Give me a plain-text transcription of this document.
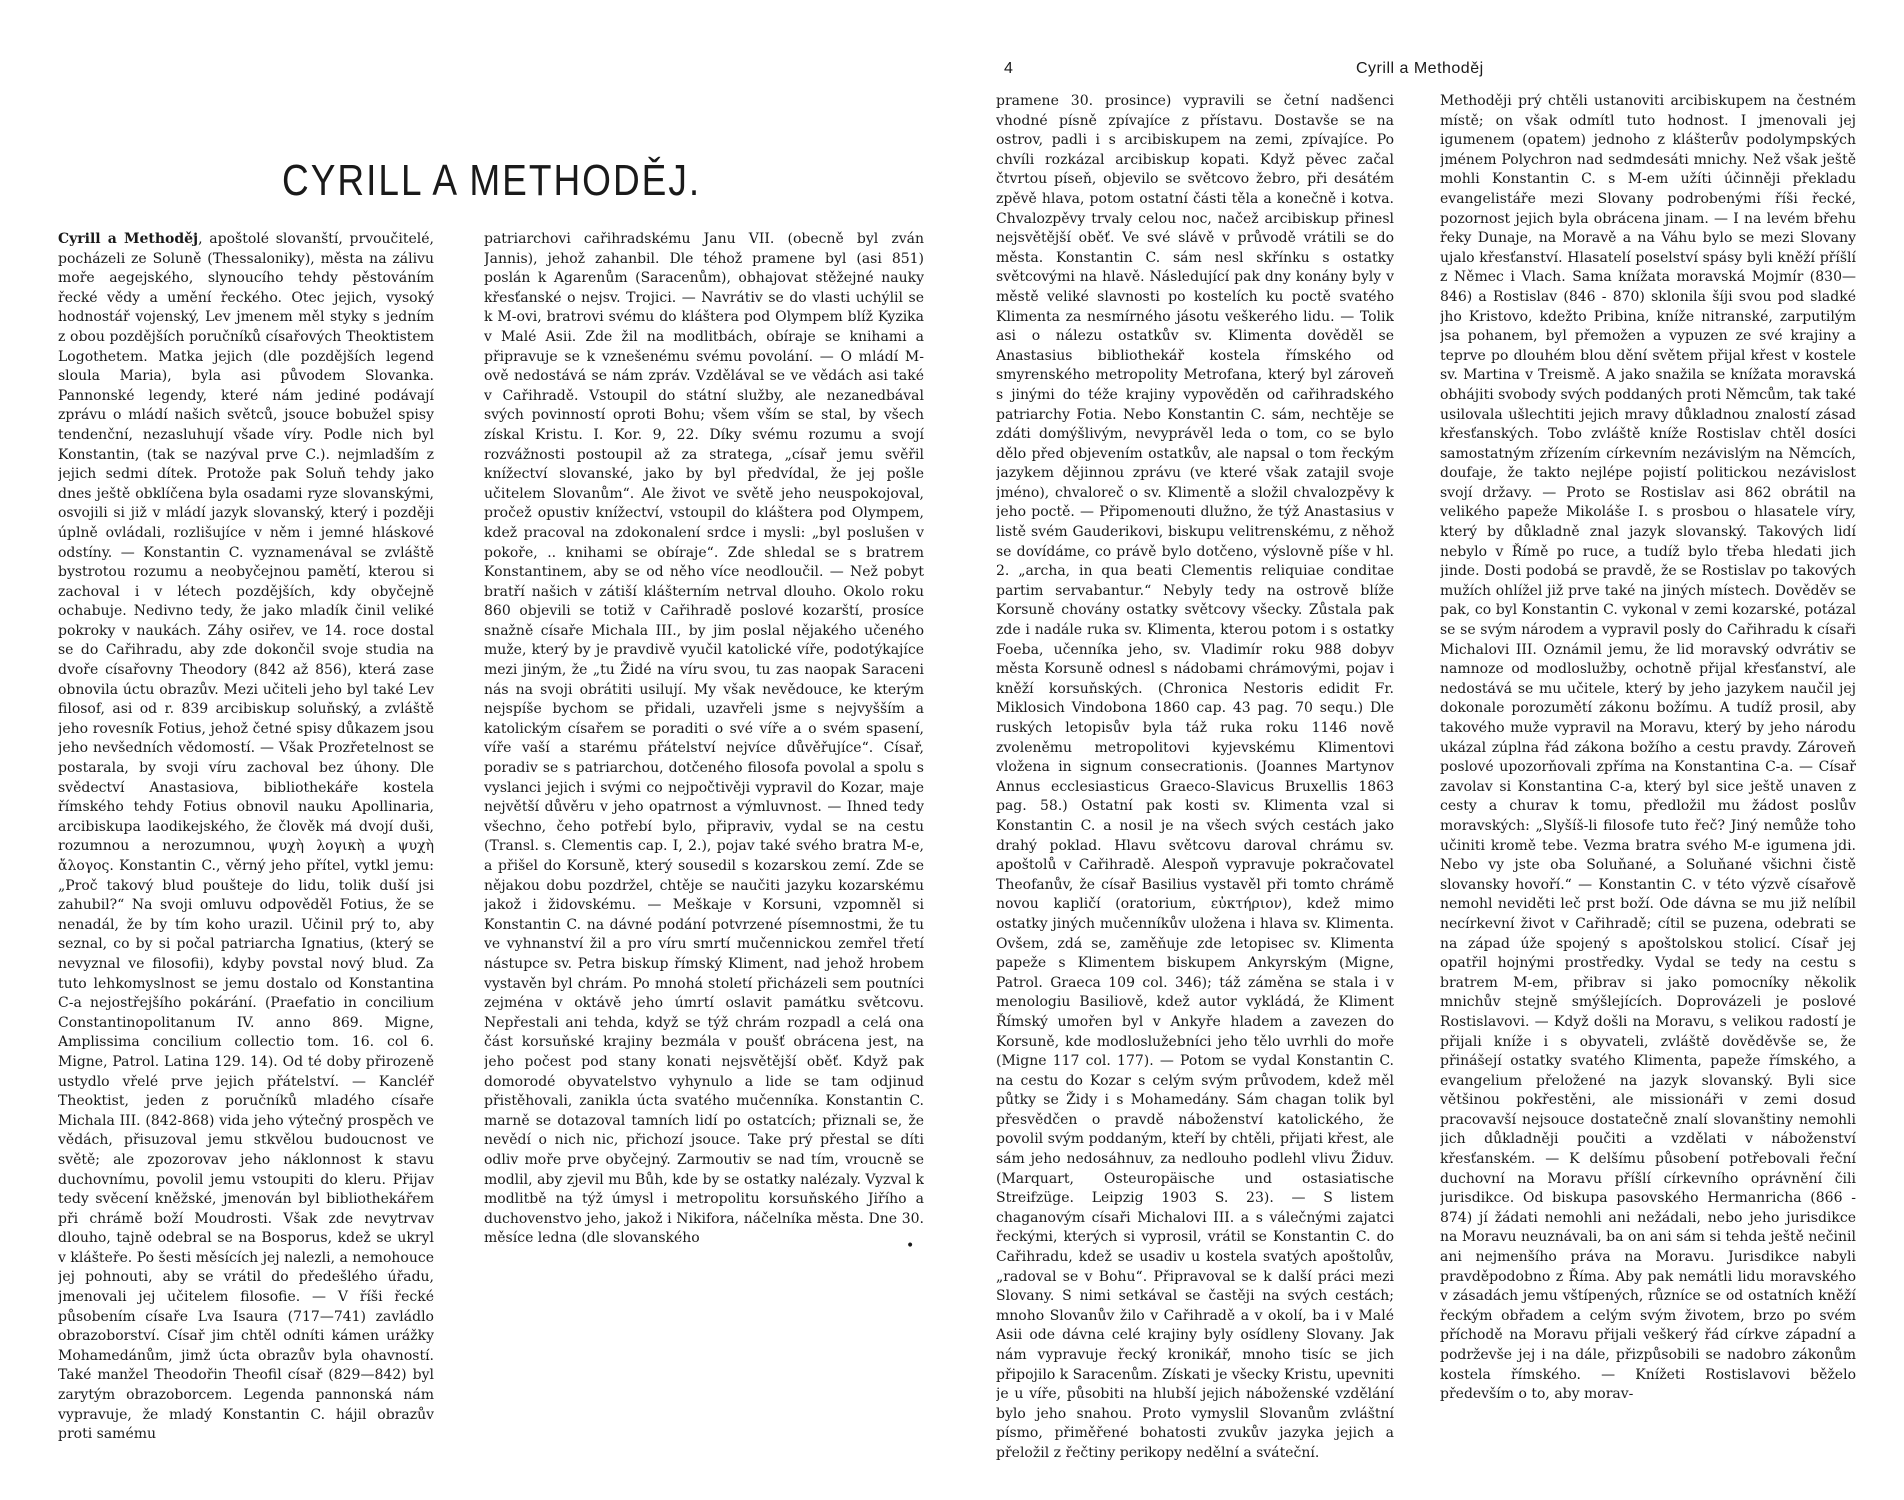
CYRILL A METHODĚJ.

Cyrill a Methoděj, apoštolé slovanští, prvoučitelé, pocházeli ze Soluně (Thessaloniky), města na zálivu moře aegejského, slynoucího tehdy pěstováním řecké vědy a umění řeckého. Otec jejich, vysoký hodnostář vojenský, Lev jmenem měl styky s jedním z obou pozdějších poručníků císařových Theoktistem Logothetem. Matka jejich (dle pozdějších legend sloula Maria), byla asi původem Slovanka. Pannonské legendy, které nám jediné podávají zprávu o mládí našich světců, jsouce bobužel spisy tendenční, nezasluhují všade víry. Podle nich byl Konstantin, (tak se nazýval prve C.). nejmladším z jejich sedmi dítek. Protože pak Soluň tehdy jako dnes ještě obklíčena byla osadami ryze slovanskými, osvojili si již v mládí jazyk slovanský, který i později úplně ovládali, rozlišujíce v něm i jemné hláskové odstíny. — Konstantin C. vyznamenával se zvláště bystrotou rozumu a neobyčejnou pamětí, kterou si zachoval i v létech pozdějších, kdy obyčejně ochabuje. Nedivno tedy, že jako mladík činil veliké pokroky v naukách. Záhy osiřev, ve 14. roce dostal se do Cařihradu, aby zde dokončil svoje studia na dvoře císařovny Theodory (842 až 856), která zase obnovila úctu obrazův. Mezi učiteli jeho byl také Lev filosof, asi od r. 839 arcibiskup soluňský, a zvláště jeho rovesník Fotius, jehož četné spisy důkazem jsou jeho nevšedních vědomostí. — Však Prozřetelnost se postarala, by svoji víru zachoval bez úhony. Dle svědectví Anastasiova, bibliothekáře kostela římského tehdy Fotius obnovil nauku Apollinaria, arcibiskupa laodikejského, že člověk má dvojí duši, rozumnou a nerozumnou, ψυχὴ λογικὴ a ψυχὴ ἄλογος. Konstantin C., věrný jeho přítel, vytkl jemu: „Proč takový blud poušteje do lidu, tolik duší jsi zahubil?“ Na svoji omluvu odpověděl Fotius, že se nenadál, že by tím koho urazil. Učinil prý to, aby seznal, co by si počal patriarcha Ignatius, (který se nevyznal ve filosofii), kdyby povstal nový blud. Za tuto lehkomyslnost se jemu dostalo od Konstantina C-a nejostřejšího pokárání. (Praefatio in concilium Constantinopolitanum IV. anno 869. Migne, Amplissima concilium collectio tom. 16. col 6. Migne, Patrol. Latina 129. 14). Od té doby přirozeně ustydlo vřelé prve jejich přátelství. — Kancléř Theoktist, jeden z poručníků mladého císaře Michala III. (842-868) vida jeho výtečný prospěch ve vědách, přisuzoval jemu stkvělou budoucnost ve světě; ale zpozorovav jeho náklonnost k stavu duchovnímu, povolil jemu vstoupiti do kleru. Přijav tedy svěcení kněžské, jmenován byl bibliothekářem při chrámě boží Moudrosti. Však zde nevytrvav dlouho, tajně odebral se na Bosporus, kdež se ukryl v klášteře. Po šesti měsících jej nalezli, a nemohouce jej pohnouti, aby se vrátil do předešlého úřadu, jmenovali jej učitelem filosofie. — V říši řecké působením císaře Lva Isaura (717—741) zavládlo obrazoborství. Císař jim chtěl odníti kámen urážky Mohamedánům, jimž úcta obrazův byla ohavností. Také manžel Theodořin Theofil císař (829—842) byl zarytým obrazoborcem. Legenda pannonská nám vypravuje, že mladý Konstantin C. hájil obrazův proti samému

patriarchovi cařihradskému Janu VII. (obecně byl zván Jannis), jehož zahanbil. Dle téhož pramene byl (asi 851) poslán k Agarenům (Saracenům), obhajovat stěžejné nauky křesťanské o nejsv. Trojici. — Navrátiv se do vlasti uchýlil se k M-ovi, bratrovi svému do kláštera pod Olympem blíž Kyzika v Malé Asii. Zde žil na modlitbách, obíraje se knihami a připravuje se k vznešenému svému povolání. — O mládí M-ově nedostává se nám zpráv. Vzdělával se ve vědách asi také v Cařihradě. Vstoupil do státní služby, ale nezanedbával svých povinností oproti Bohu; všem vším se stal, by všech získal Kristu. I. Kor. 9, 22. Díky svému rozumu a svojí rozvážnosti postoupil až za stratega, „císař jemu svěřil knížectví slovanské, jako by byl předvídal, že jej pošle učitelem Slovanům“. Ale život ve světě jeho neuspokojoval, pročež opustiv knížectví, vstoupil do kláštera pod Olympem, kdež pracoval na zdokonalení srdce i mysli: „byl poslušen v pokoře, .. knihami se obíraje“. Zde shledal se s bratrem Konstantinem, aby se od něho více neodloučil. — Než pobyt bratří našich v zátiší klášterním netrval dlouho. Okolo roku 860 objevili se totiž v Cařihradě poslové kozarští, prosíce snažně císaře Michala III., by jim poslal nějakého učeného muže, který by je pravdivě vyučil katolické víře, podotýkajíce mezi jiným, že „tu Židé na víru svou, tu zas naopak Saraceni nás na svoji obrátiti usilují. My však nevědouce, ke kterým nejspíše bychom se přidali, uzavřeli jsme s nejvyšším a katolickým císařem se poraditi o své víře a o svém spasení, víře vaší a starému přátelství nejvíce důvěřujíce“. Císař, poradiv se s patriarchou, dotčeného filosofa povolal a spolu s vyslanci jejich i svými co nejpočtivěji vypravil do Kozar, maje největší důvěru v jeho opatrnost a výmluvnost. — Ihned tedy všechno, čeho potřebí bylo, připraviv, vydal se na cestu (Transl. s. Clementis cap. I, 2.), pojav také svého bratra M-e, a přišel do Korsuně, který sousedil s kozarskou zemí. Zde se nějakou dobu pozdržel, chtěje se naučiti jazyku kozarskému jakož i židovskému. — Meškaje v Korsuni, vzpomněl si Konstantin C. na dávné podání potvrzené písemnostmi, že tu ve vyhnanství žil a pro víru smrtí mučennickou zemřel třetí nástupce sv. Petra biskup římský Kliment, nad jehož hrobem vystavěn byl chrám. Po mnohá století přicházeli sem poutníci zejména v oktávě jeho úmrtí oslavit památku světcovu. Nepřestali ani tehda, když se týž chrám rozpadl a celá ona část korsuňské krajiny bezmála v poušť obrácena jest, na jeho počest pod stany konati nejsvětější oběť. Když pak domorodé obyvatelstvo vyhynulo a lide se tam odjinud přistěhovali, zanikla úcta svatého mučenníka. Konstantin C. marně se dotazoval tamních lidí po ostatcích; přiznali se, že nevědí o nich nic, přichozí jsouce. Take prý přestal se díti odliv moře prve obyčejný. Zarmoutiv se nad tím, vroucně se modlil, aby zjevil mu Bůh, kde by se ostatky nalézaly. Vyzval k modlitbě na týž úmysl i metropolitu korsuňského Jiřího a duchovenstvo jeho, jakož i Nikifora, náčelníka města. Dne 30. měsíce ledna (dle slovanského	•
4	Cyrill a Methoděj

pramene 30. prosince) vypravili se četní nadšenci vhodné písně zpívajíce z přístavu. Dostavše se na ostrov, padli i s arcibiskupem na zemi, zpívajíce. Po chvíli rozkázal arcibiskup kopati. Když pěvec začal čtvrtou píseň, objevilo se světcovo žebro, při desátém zpěvě hlava, potom ostatní části těla a konečně i kotva. Chvalozpěvy trvaly celou noc, načež arcibiskup přinesl nejsvětější oběť. Ve své slávě v průvodě vrátili se do města. Konstantin C. sám nesl skřínku s ostatky světcovými na hlavě. Následující pak dny konány byly v městě veliké slavnosti po kostelích ku poctě svatého Klimenta za nesmírného jásotu veškerého lidu. — Tolik asi o nálezu ostatkův sv. Klimenta dověděl se Anastasius bibliothekář kostela římského od smyrenského metropolity Metrofana, který byl zároveň s jinými do téže krajiny vypověděn od cařihradského patriarchy Fotia. Nebo Konstantin C. sám, nechtěje se zdáti domýšlivým, nevyprávěl leda o tom, co se bylo dělo před objevením ostatkův, ale napsal o tom řeckým jazykem dějinnou zprávu (ve které však zatajil svoje jméno), chvaloreč o sv. Klimentě a složil chvalozpěvy k jeho poctě. — Připomenouti dlužno, že týž Anastasius v listě svém Gauderikovi, biskupu velitrenskému, z něhož se dovídáme, co právě bylo dotčeno, výslovně píše v hl. 2. „archa, in qua beati Clementis reliquiae conditae partim servabantur.“ Nebyly tedy na ostrově blíže Korsuně chovány ostatky světcovy všecky. Zůstala pak zde i nadále ruka sv. Klimenta, kterou potom i s ostatky Foeba, učenníka jeho, sv. Vladimír roku 988 dobyv města Korsuně odnesl s nádobami chrámovými, pojav i kněží korsuňských. (Chronica Nestoris edidit Fr. Miklosich Vindobona 1860 cap. 43 pag. 70 sequ.) Dle ruských letopisův byla táž ruka roku 1146 nově zvoleněmu metropolitovi kyjevskému Klimentovi vložena in signum consecrationis. (Joannes Martynov Annus ecclesiasticus Graeco-Slavicus Bruxellis 1863 pag. 58.) Ostatní pak kosti sv. Klimenta vzal si Konstantin C. a nosil je na všech svých cestách jako drahý poklad. Hlavu světcovu daroval chrámu sv. apoštolů v Cařihradě. Alespoň vypravuje pokračovatel Theofanův, že císař Basilius vystavěl při tomto chrámě novou kapličí (oratorium, εὐκτήριον), kdež mimo ostatky jiných mučenníkův uložena i hlava sv. Klimenta. Ovšem, zdá se, zaměňuje zde letopisec sv. Klimenta papeže s Klimentem biskupem Ankyrským (Migne, Patrol. Graeca 109 col. 346); táž záměna se stala i v menologiu Basiliově, kdež autor vykládá, že Kliment Římský umořen byl v Ankyře hladem a zavezen do Korsuně, kde modloslužebníci jeho tělo uvrhli do moře (Migne 117 col. 177). — Potom se vydal Konstantin C. na cestu do Kozar s celým svým průvodem, kdež měl půtky se Židy i s Mohamedány. Sám chagan tolik byl přesvědčen o pravdě náboženství katolického, že povolil svým poddaným, kteří by chtěli, přijati křest, ale sám jeho nedosáhnuv, za nedlouho podlehl vlivu Židuv. (Marquart, Osteuropäische und ostasiatische Streifzüge. Leipzig 1903 S. 23). — S listem chaganovým císaři Michalovi III. a s válečnými zajatci řeckými, kterých si vyprosil, vrátil se Konstantin C. do Cařihradu, kdež se usadiv u kostela svatých apoštolův, „radoval se v Bohu“. Připravoval se k další práci mezi Slovany. S nimi setkával se častěji na svých cestách; mnoho Slovanův žilo v Cařihradě a v okolí, ba i v Malé Asii ode dávna celé krajiny byly osídleny Slovany. Jak nám vypravuje řecký kronikář, mnoho tisíc se jich připojilo k Saracenům. Získati je všecky Kristu, upevniti je u víře, působiti na hlubší jejich náboženské vzdělání bylo jeho snahou. Proto vymyslil Slovanům zvláštní písmo, přiměřené bohatosti zvukův jazyka jejich a přeložil z řečtiny perikopy nedělní a sváteční.

Methoději prý chtěli ustanoviti arcibiskupem na čestném místě; on však odmítl tuto hodnost. I jmenovali jej igumenem (opatem) jednoho z klášterův podolympských jménem Polychron nad sedmdesáti mnichy. Než však ještě mohli Konstantin C. s M-em užíti účinněji překladu evangelistáře mezi Slovany podrobenými říši řecké, pozornost jejich byla obrácena jinam. — I na levém břehu řeky Dunaje, na Moravě a na Váhu bylo se mezi Slovany ujalo křesťanství. Hlasatelí poselství spásy byli kněží příšlí z Němec i Vlach. Sama knížata moravská Mojmír (830—846) a Rostislav (846 - 870) sklonila šíji svou pod sladké jho Kristovo, kdežto Pribina, kníže nitranské, zarputilým jsa pohanem, byl přemožen a vypuzen ze své krajiny a teprve po dlouhém blou dění světem přijal křest v kostele sv. Martina v Treismě. A jako snažila se knížata moravská obhájiti svobody svých poddaných proti Němcům, tak také usilovala ušlechtiti jejich mravy důkladnou znalostí zásad křesťanských. Tobo zvláště kníže Rostislav chtěl dosíci samostatným zřízením církevním nezávislým na Němcích, doufaje, že takto nejlépe pojistí politickou nezávislost svojí državy. — Proto se Rostislav asi 862 obrátil na velikého papeže Mikoláše I. s prosbou o hlasatele víry, který by důkladně znal jazyk slovanský. Takových lidí nebylo v Římě po ruce, a tudíž bylo třeba hledati jich jinde. Dosti podobá se pravdě, že se Rostislav po takových mužích ohlížel již prve také na jiných místech. Dověděv se pak, co byl Konstantin C. vykonal v zemi kozarské, potázal se se svým národem a vypravil posly do Cařihradu k císaři Michalovi III. Oznámil jemu, že lid moravský odvrátiv se namnoze od modloslužby, ochotně přijal křesťanství, ale nedostává se mu učitele, který by jeho jazykem naučil jej dokonale porozumětí zákonu božímu. A tudíž prosil, aby takového muže vypravil na Moravu, který by jeho národu ukázal zúplna řád zákona božího a cestu pravdy. Zároveň poslové upozorňovali zpříma na Konstantina C-a. — Císař zavolav si Konstantina C-a, který byl sice ještě unaven z cesty a churav k tomu, předložil mu žádost poslův moravských: „Slyšíš-li filosofe tuto řeč? Jiný nemůže toho učiniti kromě tebe. Vezma bratra svého M-e igumena jdi. Nebo vy jste oba Soluňané, a Soluňané všichni čistě slovansky hovoří.“ — Konstantin C. v této výzvě císařově nemohl neviděti leč prst boží. Ode dávna se mu již nelíbil necírkevní život v Cařihradě; cítil se puzena, odebrati se na západ úže spojený s apoštolskou stolicí. Císař jej opatřil hojnými prostředky. Vydal se tedy na cestu s bratrem M-em, přibrav si jako pomocníky několik mnichův stejně smýšlejících. Doprovázeli je poslové Rostislavovi. — Když došli na Moravu, s velikou radostí je přijali kníže i s obyvateli, zvláště dověděvše se, že přinášejí ostatky svatého Klimenta, papeže římského, a evangelium přeložené na jazyk slovanský. Byli sice většinou pokřestěni, ale missionáři v zemi dosud pracovavší nejsouce dostatečně znalí slovanštiny nemohli jich důkladněji poučiti a vzdělati v náboženství křesťanském. — K delšímu působení potřebovali řeční duchovní na Moravu příšlí církevního oprávnění čili jurisdikce. Od biskupa pasovského Hermanricha (866 - 874) jí žádati nemohli ani nežádali, nebo jeho jurisdikce na Moravu neuznávali, ba on ani sám si tehda ještě nečinil ani nejmenšího práva na Moravu. Jurisdikce nabyli pravděpodobno z Říma. Aby pak nemátli lidu moravského v zásadách jemu vštípených, různíce se od ostatních kněží řeckým obřadem a celým svým životem, brzo po svém příchodě na Moravu přijali veškerý řád církve západní a podrževše jej i na dále, přizpůsobili se nadobro zákonům kostela římského. — Knížeti Rostislavovi běželo především o to, aby morav-
